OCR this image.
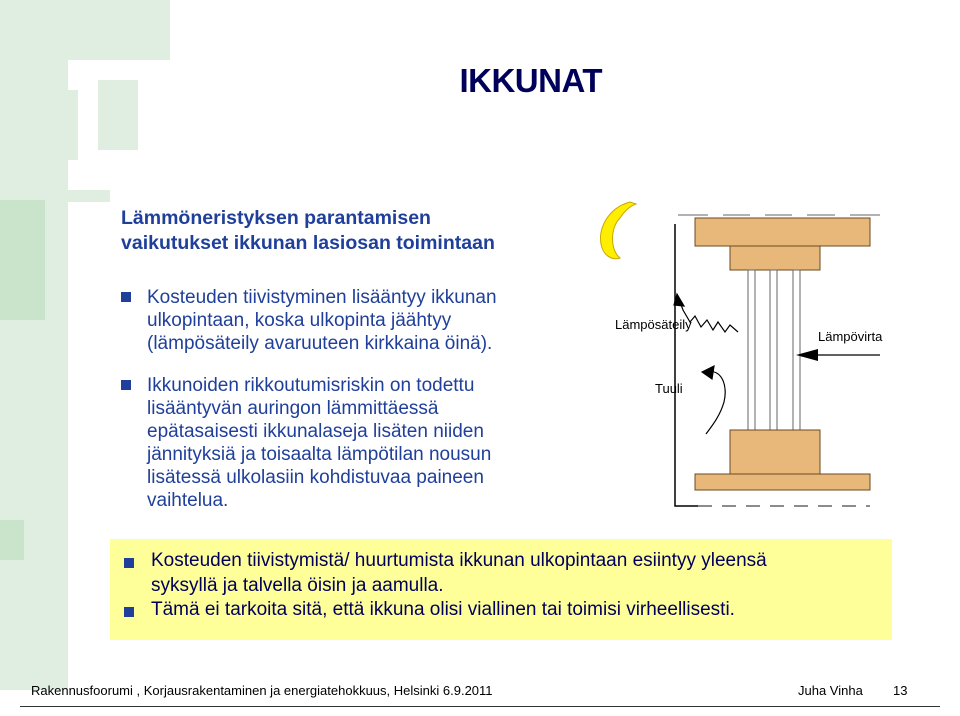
IKKUNAT
Lämmöneristyksen parantamisen vaikutukset ikkunan lasiosan toimintaan
Kosteuden tiivistyminen lisääntyy ikkunan ulkopintaan, koska ulkopinta jäähtyy (lämpösäteily avaruuteen kirkkaina öinä).
Ikkunoiden rikkoutumisriskin on todettu lisääntyvän auringon lämmittäessä epätasaisesti ikkunalaseja lisäten niiden jännityksiä ja toisaalta lämpötilan nousun lisätessä ulkolasiin kohdistuvaa paineen vaihtelua.
Lämpösäteily
Lämpövirta
Tuuli
Kosteuden tiivistymistä/ huurtumista ikkunan ulkopintaan esiintyy yleensä
syksyllä ja talvella öisin ja aamulla.
Tämä ei tarkoita sitä, että ikkuna olisi viallinen tai toimisi virheellisesti.
Rakennusfoorumi , Korjausrakentaminen ja energiatehokkuus, Helsinki 6.9.2011	Juha Vinha 13
